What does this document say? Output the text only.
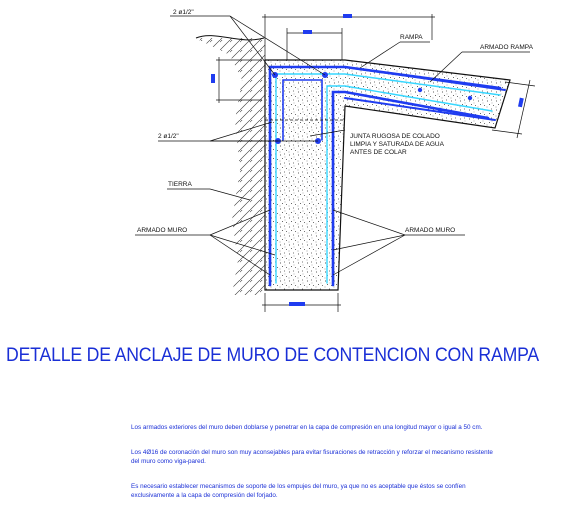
2 ø1/2"
RAMPA
ARMADO RAMPA
2 ø1/2"	JUNTA RUGOSA DE COLADO
LIMPIA Y SATURADA DE AGUA
ANTES DE COLAR
TIERRA
ARMADO MURO	ARMADO MURO
DETALLE DE ANCLAJE DE MURO DE CONTENCION CON RAMPA

Los armados exteriores del muro deben doblarse y penetrar en la capa de compresión en una longitud mayor o igual a 50 cm.

Los 4Ø16 de coronación del muro son muy aconsejables para evitar fisuraciones de retracción y reforzar el mecanismo resistente del muro como viga-pared.

Es necesario establecer mecanismos de soporte de los empujes del muro, ya que no es aceptable que éstos se confíen exclusivamente a la capa de compresión del forjado.
